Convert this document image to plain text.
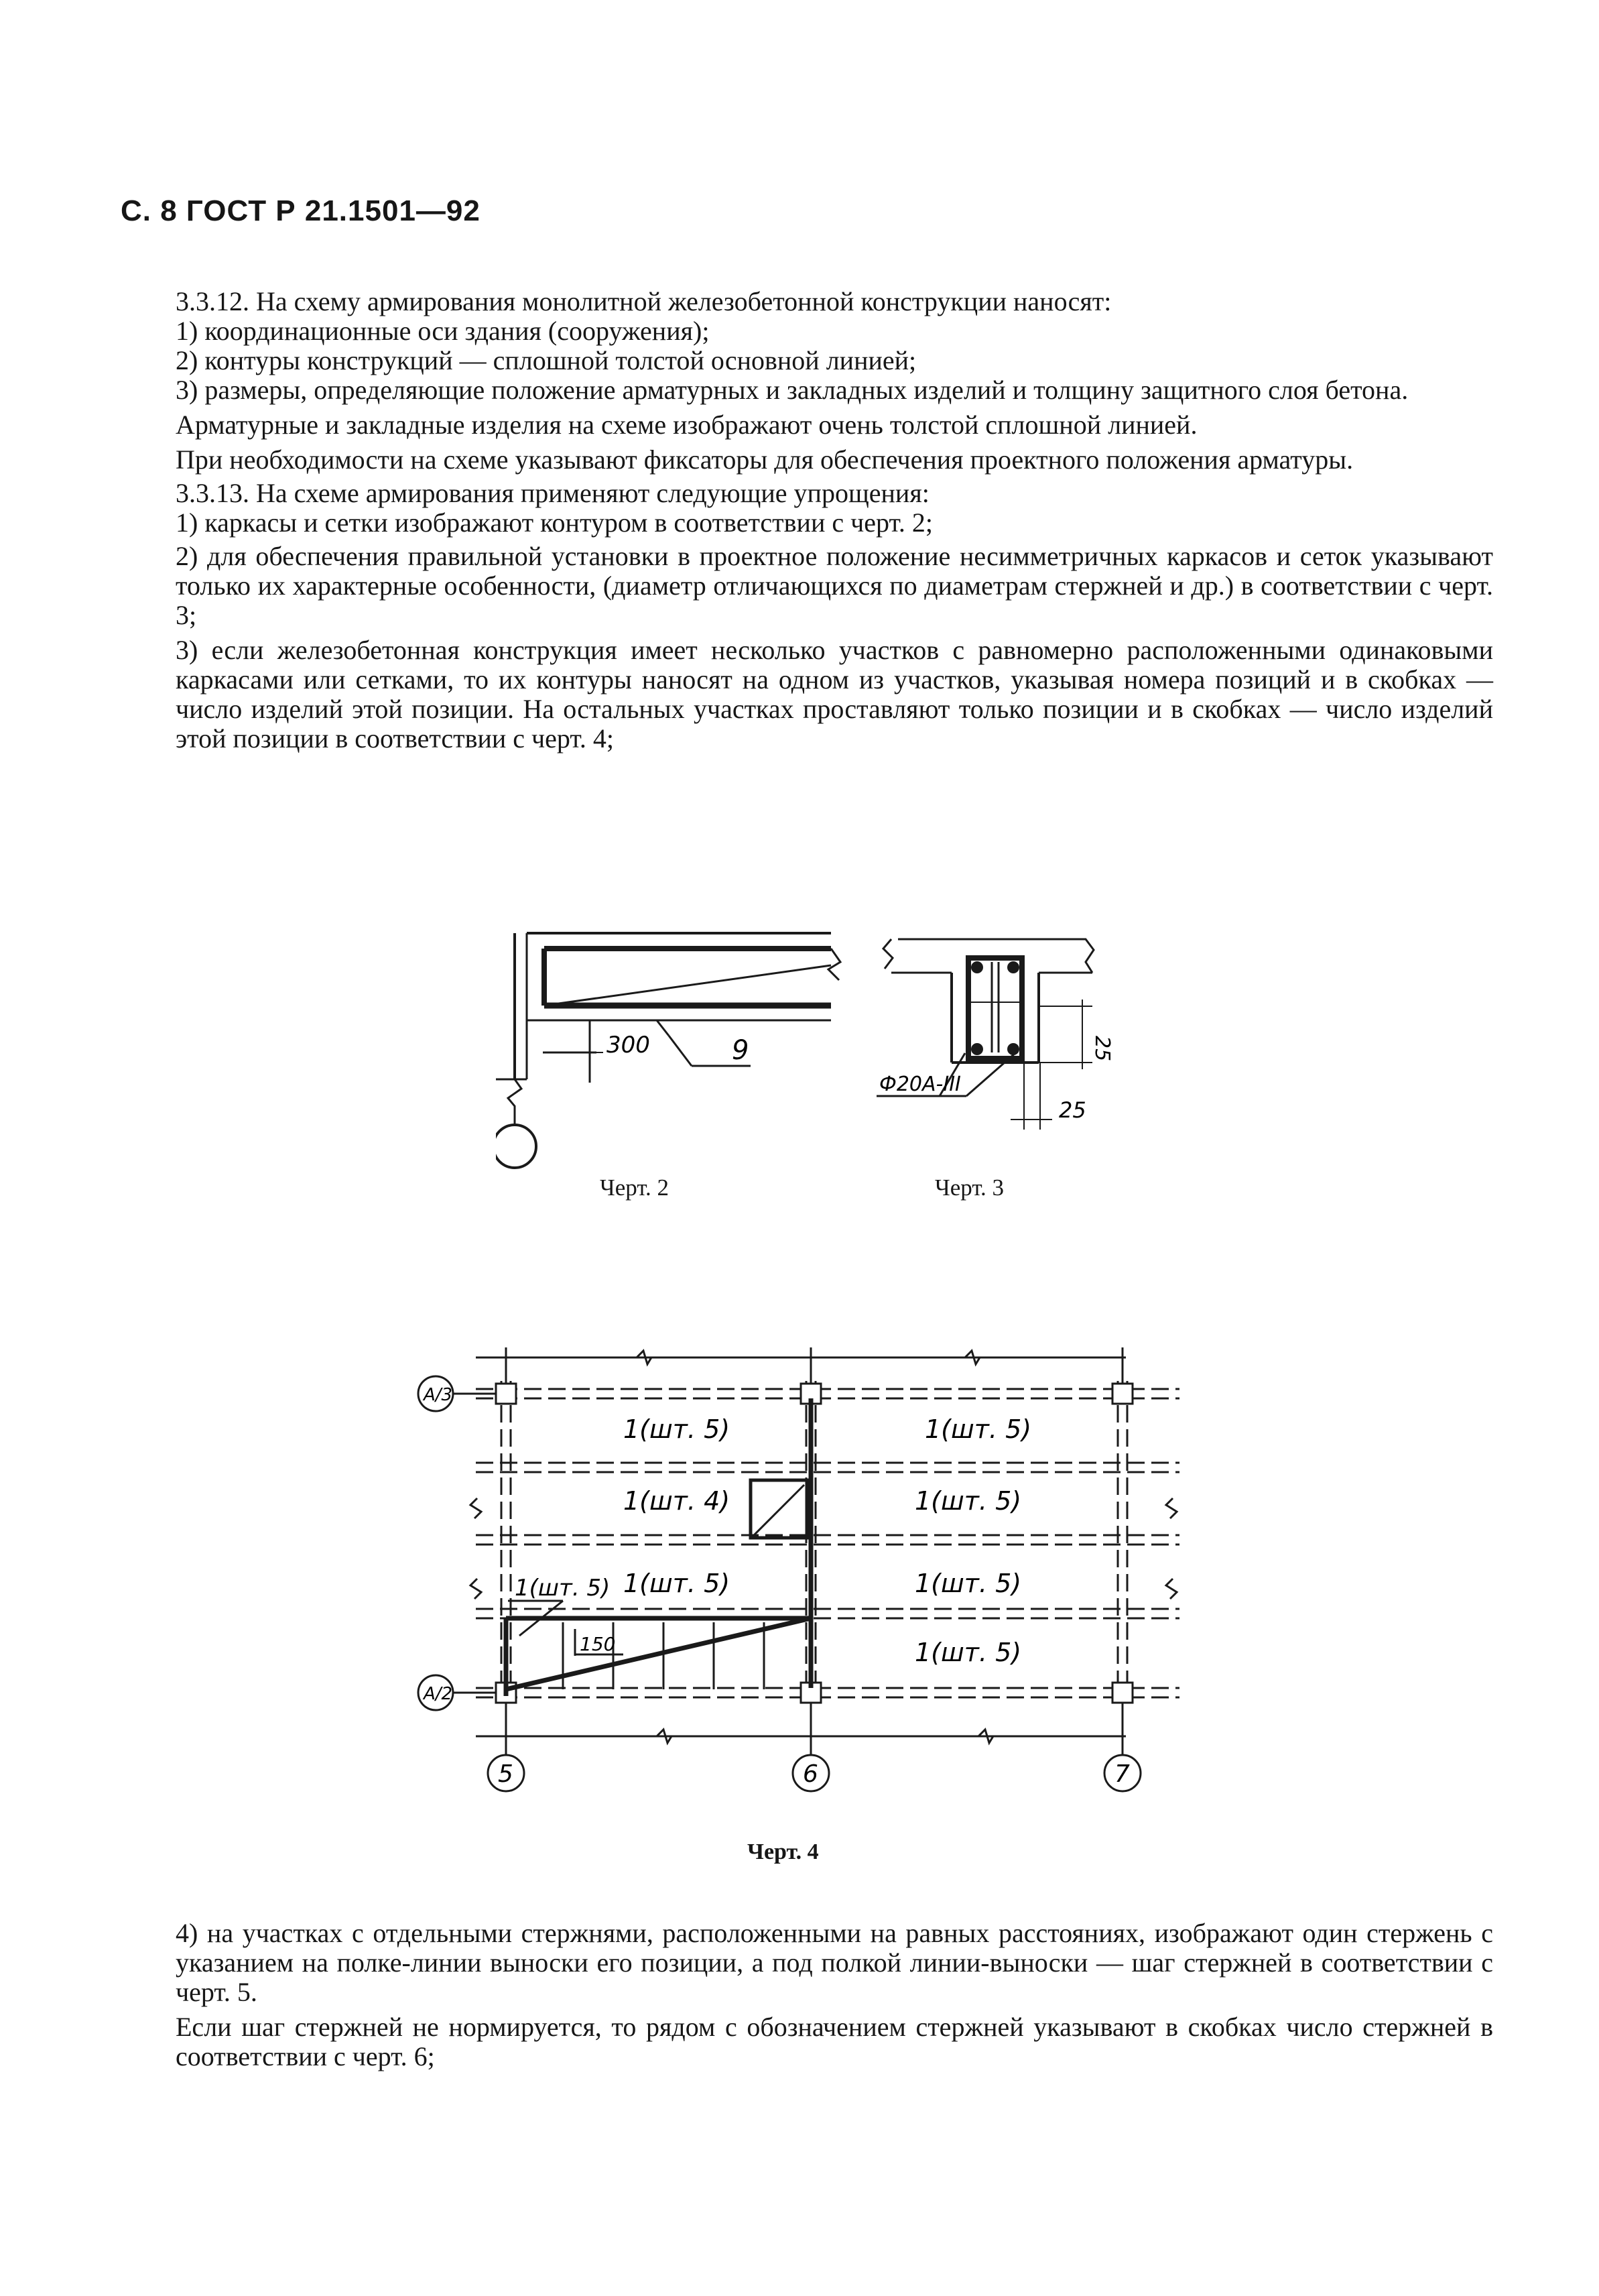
С. 8 ГОСТ Р 21.1501—92

3.3.12. На схему армирования монолитной железобетонной конструкции наносят:

1) координационные оси здания (сооружения);

2) контуры конструкций — сплошной толстой основной линией;

3) размеры, определяющие положение арматурных и закладных изделий и толщину защитного слоя бетона.

Арматурные и закладные изделия на схеме изображают очень толстой сплошной линией.

При необходимости на схеме указывают фиксаторы для обеспечения проектного положения арматуры.

3.3.13. На схеме армирования применяют следующие упрощения:

1) каркасы и сетки изображают контуром в соответствии с черт. 2;

2) для обеспечения правильной установки в проектное положение несимметричных каркасов и сеток указывают только их характерные особенности, (диаметр отличающихся по диаметрам стержней и др.) в соответствии с черт. 3;

3) если железобетонная конструкция имеет несколько участков с равномерно расположенными одинаковыми каркасами или сетками, то их контуры наносят на одном из участков, указывая номера позиций и в скобках — число изделий этой позиции. На остальных участках проставляют только позиции и в скобках — число изделий этой позиции в соответствии с черт. 4;

300	9
Черт. 2
25
25
Ф20А-III
Черт. 3
А/3
А/2
5	6	7
1(шт. 5)	1(шт. 5)
1(шт. 4)	1(шт. 5)
1(шт. 5) 1(шт. 5)	1(шт. 5)
1(шт. 5)
150
Черт. 4

4) на участках с отдельными стержнями, расположенными на равных расстояниях, изображают один стержень с указанием на полке-линии выноски его позиции, а под полкой линии-выноски — шаг стержней в соответствии с черт. 5.

Если шаг стержней не нормируется, то рядом с обозначением стержней указывают в скобках число стержней в соответствии с черт. 6;
